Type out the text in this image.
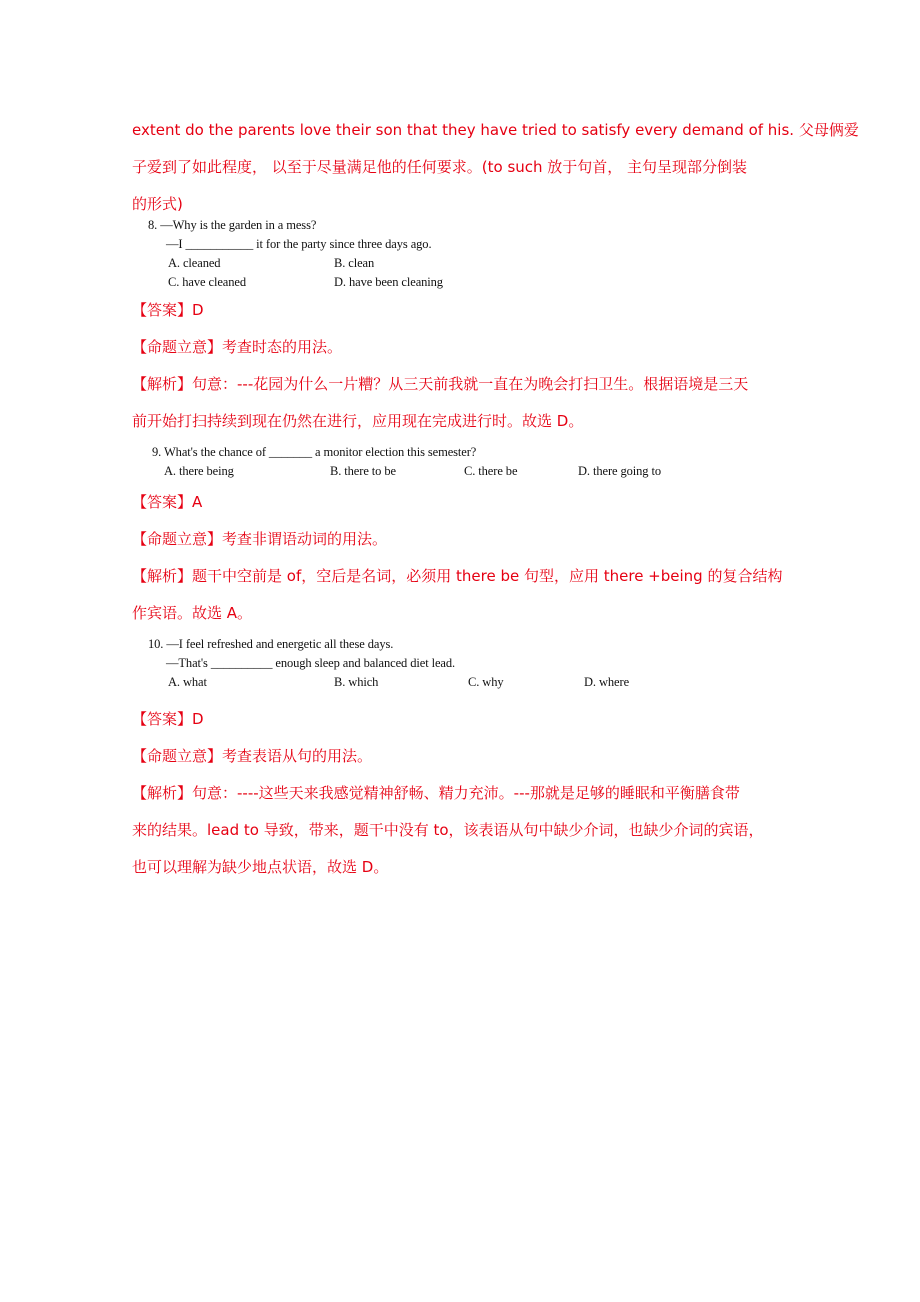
extent do the parents love their son that they have tried to satisfy every demand of his. 父母俩爱
子爱到了如此程度， 以至于尽量满足他的任何要求。(to such 放于句首， 主句呈现部分倒装
的形式)
8. —Why is the garden in a mess?
—I ___________ it for the party since three days ago.
A. cleaned	B. clean
C. have cleaned	D. have been cleaning
【答案】D
【命题立意】考查时态的用法。
【解析】句意：---花园为什么一片糟？从三天前我就一直在为晚会打扫卫生。根据语境是三天
前开始打扫持续到现在仍然在进行，应用现在完成进行时。故选 D。
9. What's the chance of _______ a monitor election this semester?
A. there being	B. there to be	C. there be	D. there going to
【答案】A
【命题立意】考查非谓语动词的用法。
【解析】题干中空前是 of，空后是名词，必须用 there be 句型，应用 there +being 的复合结构
作宾语。故选 A。
10. —I feel refreshed and energetic all these days.
—That's __________ enough sleep and balanced diet lead.
A. what	B. which	C. why	D. where
【答案】D
【命题立意】考查表语从句的用法。
【解析】句意：----这些天来我感觉精神舒畅、精力充沛。---那就是足够的睡眠和平衡膳食带
来的结果。lead to 导致，带来，题干中没有 to，该表语从句中缺少介词，也缺少介词的宾语，
也可以理解为缺少地点状语，故选 D。
